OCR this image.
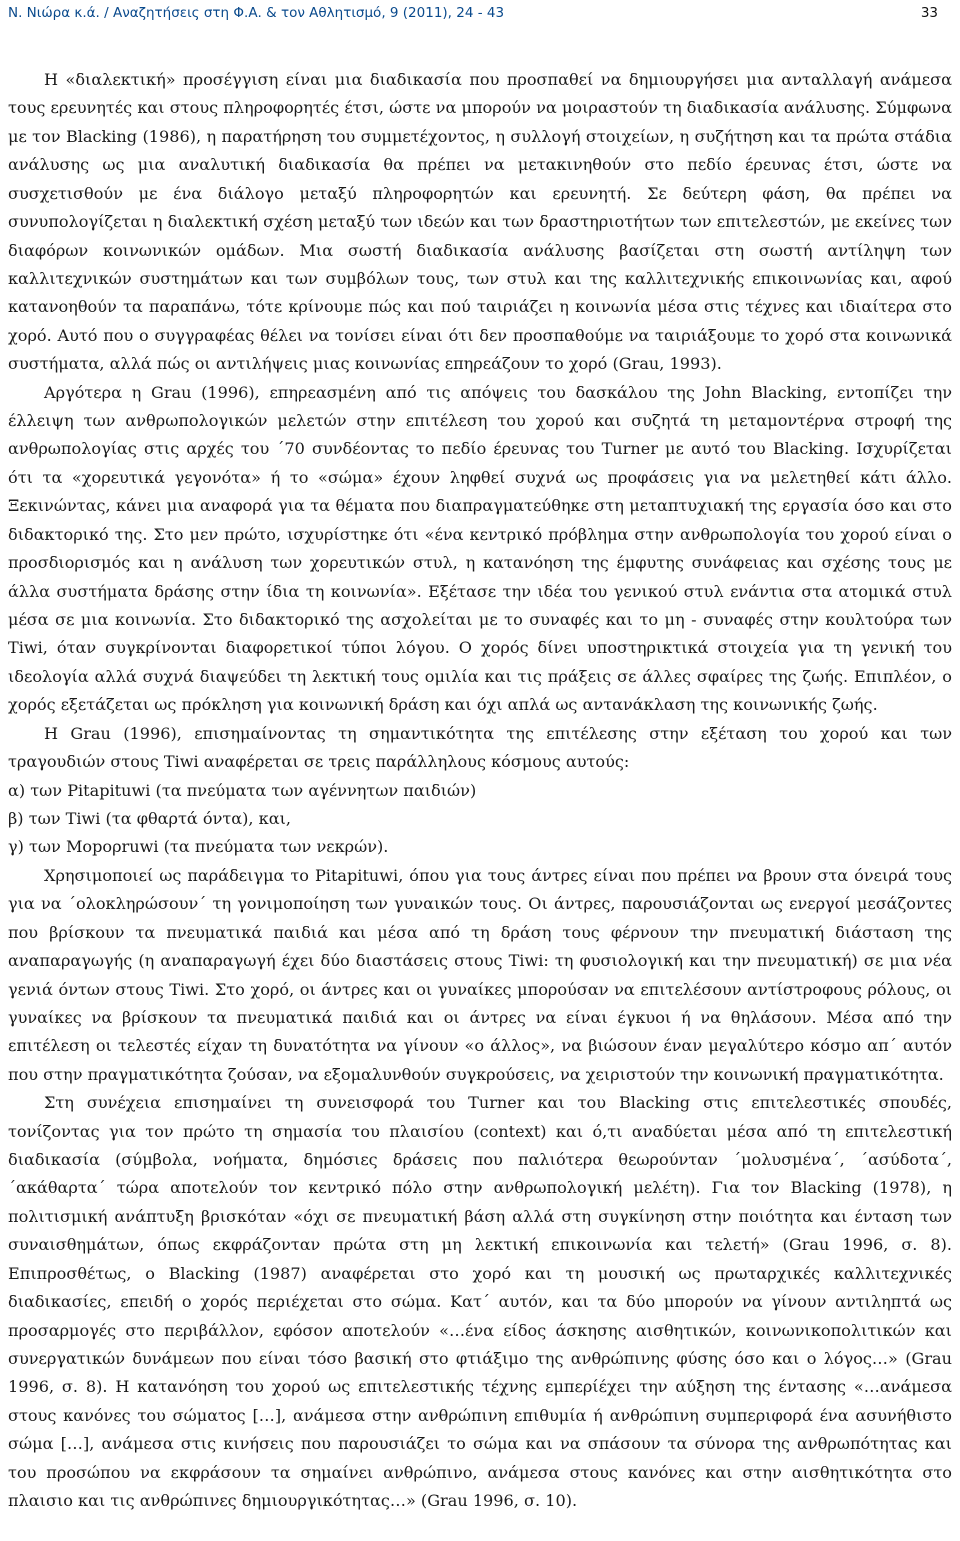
Ν. Νιώρα κ.ά. / Αναζητήσεις στη Φ.Α. & τον Αθλητισμό, 9 (2011), 24 - 43	33

Η «διαλεκτική» προσέγγιση είναι μια διαδικασία που προσπαθεί να δημιουργήσει μια ανταλλαγή ανάμεσα τους ερευνητές και στους πληροφορητές έτσι, ώστε να μπορούν να μοιραστούν τη διαδικασία ανάλυσης. Σύμφωνα με τον Blacking (1986), η παρατήρηση του συμμετέχοντος, η συλλογή στοιχείων, η συζήτηση και τα πρώτα στάδια ανάλυσης ως μια αναλυτική διαδικασία θα πρέπει να μετακινηθούν στο πεδίο έρευνας έτσι, ώστε να συσχετισθούν με ένα διάλογο μεταξύ πληροφορητών και ερευνητή. Σε δεύτερη φάση, θα πρέπει να συνυπολογίζεται η διαλεκτική σχέση μεταξύ των ιδεών και των δραστηριοτήτων των επιτελεστών, με εκείνες των διαφόρων κοινωνικών ομάδων. Μια σωστή διαδικασία ανάλυσης βασίζεται στη σωστή αντίληψη των καλλιτεχνικών συστημάτων και των συμβόλων τους, των στυλ και της καλλιτεχνικής επικοινωνίας και, αφού κατανοηθούν τα παραπάνω, τότε κρίνουμε πώς και πού ταιριάζει η κοινωνία μέσα στις τέχνες και ιδιαίτερα στο χορό. Αυτό που ο συγγραφέας θέλει να τονίσει είναι ότι δεν προσπαθούμε να ταιριάξουμε το χορό στα κοινωνικά συστήματα, αλλά πώς οι αντιλήψεις μιας κοινωνίας επηρεάζουν το χορό (Grau, 1993).

Αργότερα η Grau (1996), επηρεασμένη από τις απόψεις του δασκάλου της John Blacking, εντοπίζει την έλλειψη των ανθρωπολογικών μελετών στην επιτέλεση του χορού και συζητά τη μεταμοντέρνα στροφή της ανθρωπολογίας στις αρχές του ΄70 συνδέοντας το πεδίο έρευνας του Turner με αυτό του Blacking. Ισχυρίζεται ότι τα «χορευτικά γεγονότα» ή το «σώμα» έχουν ληφθεί συχνά ως προφάσεις για να μελετηθεί κάτι άλλο. Ξεκινώντας, κάνει μια αναφορά για τα θέματα που διαπραγματεύθηκε στη μεταπτυχιακή της εργασία όσο και στο διδακτορικό της. Στο μεν πρώτο, ισχυρίστηκε ότι «ένα κεντρικό πρόβλημα στην ανθρωπολογία του χορού είναι ο προσδιορισμός και η ανάλυση των χορευτικών στυλ, η κατανόηση της έμφυτης συνάφειας και σχέσης τους με άλλα συστήματα δράσης στην ίδια τη κοινωνία». Εξέτασε την ιδέα του γενικού στυλ ενάντια στα ατομικά στυλ μέσα σε μια κοινωνία. Στο διδακτορικό της ασχολείται με το συναφές και το μη - συναφές στην κουλτούρα των Tiwi, όταν συγκρίνονται διαφορετικοί τύποι λόγου. Ο χορός δίνει υποστηρικτικά στοιχεία για τη γενική του ιδεολογία αλλά συχνά διαψεύδει τη λεκτική τους ομιλία και τις πράξεις σε άλλες σφαίρες της ζωής. Επιπλέον, ο χορός εξετάζεται ως πρόκληση για κοινωνική δράση και όχι απλά ως αντανάκλαση της κοινωνικής ζωής.

Η Grau (1996), επισημαίνοντας τη σημαντικότητα της επιτέλεσης στην εξέταση του χορού και των τραγουδιών στους Tiwi αναφέρεται σε τρεις παράλληλους κόσμους αυτούς:

α) των Pitapituwi (τα πνεύματα των αγέννητων παιδιών)
β) των Tiwi (τα φθαρτά όντα), και,
γ) των Mopορruwi (τα πνεύματα των νεκρών).

Χρησιμοποιεί ως παράδειγμα το Pitapituwi, όπου για τους άντρες είναι που πρέπει να βρουν στα όνειρά τους για να ΄ολοκληρώσουν΄ τη γονιμοποίηση των γυναικών τους. Οι άντρες, παρουσιάζονται ως ενεργοί μεσάζοντες που βρίσκουν τα πνευματικά παιδιά και μέσα από τη δράση τους φέρνουν την πνευματική διάσταση της αναπαραγωγής (η αναπαραγωγή έχει δύο διαστάσεις στους Tiwi: τη φυσιολογική και την πνευματική) σε μια νέα γενιά όντων στους Tiwi. Στο χορό, οι άντρες και οι γυναίκες μπορούσαν να επιτελέσουν αντίστροφους ρόλους, οι γυναίκες να βρίσκουν τα πνευματικά παιδιά και οι άντρες να είναι έγκυοι ή να θηλάσουν. Μέσα από την επιτέλεση οι τελεστές είχαν τη δυνατότητα να γίνουν «ο άλλος», να βιώσουν έναν μεγαλύτερο κόσμο απ΄ αυτόν που στην πραγματικότητα ζούσαν, να εξομαλυνθούν συγκρούσεις, να χειριστούν την κοινωνική πραγματικότητα.

Στη συνέχεια επισημαίνει τη συνεισφορά του Turner και του Blacking στις επιτελεστικές σπουδές, τονίζοντας για τον πρώτο τη σημασία του πλαισίου (context) και ό,τι αναδύεται μέσα από τη επιτελεστική διαδικασία (σύμβολα, νοήματα, δημόσιες δράσεις που παλιότερα θεωρούνταν ΄μολυσμένα΄, ΄ασύδοτα΄, ΄ακάθαρτα΄ τώρα αποτελούν τον κεντρικό πόλο στην ανθρωπολογική μελέτη). Για τον Blacking (1978), η πολιτισμική ανάπτυξη βρισκόταν «όχι σε πνευματική βάση αλλά στη συγκίνηση στην ποιότητα και ένταση των συναισθημάτων, όπως εκφράζονταν πρώτα στη μη λεκτική επικοινωνία και τελετή» (Grau 1996, σ. 8). Επιπροσθέτως, ο Blacking (1987) αναφέρεται στο χορό και τη μουσική ως πρωταρχικές καλλιτεχνικές διαδικασίες, επειδή ο χορός περιέχεται στο σώμα. Κατ΄ αυτόν, και τα δύο μπορούν να γίνουν αντιληπτά ως προσαρμογές στο περιβάλλον, εφόσον αποτελούν «…ένα είδος άσκησης αισθητικών, κοινωνικοπολιτικών και συνεργατικών δυνάμεων που είναι τόσο βασική στο φτιάξιμο της ανθρώπινης φύσης όσο και ο λόγος…» (Grau 1996, σ. 8). Η κατανόηση του χορού ως επιτελεστικής τέχνης εμπερίέχει την αύξηση της έντασης «…ανάμεσα στους κανόνες του σώματος […], ανάμεσα στην ανθρώπινη επιθυμία ή ανθρώπινη συμπεριφορά ένα ασυνήθιστο σώμα […], ανάμεσα στις κινήσεις που παρουσιάζει το σώμα και να σπάσουν τα σύνορα της ανθρωπότητας και του προσώπου να εκφράσουν τα σημαίνει ανθρώπινο, ανάμεσα στους κανόνες και στην αισθητικότητα στο πλαισιο και τις ανθρώπινες δημιουργικότητας…» (Grau 1996, σ. 10).
